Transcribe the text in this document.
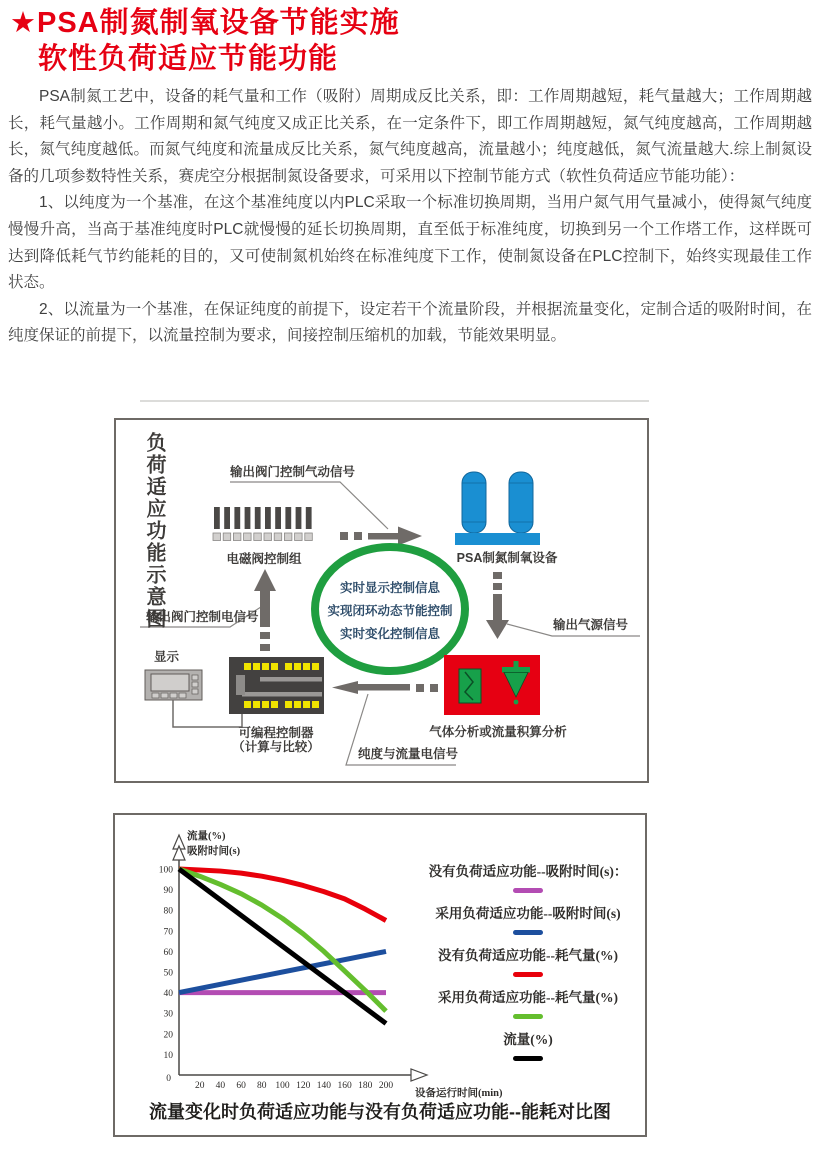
★PSA制氮制氧设备节能实施
软性负荷适应节能功能

PSA制氮工艺中，设备的耗气量和工作（吸附）周期成反比关系，即：工作周期越短，耗气量越大；工作周期越长，耗气量越小。工作周期和氮气纯度又成正比关系，在一定条件下，即工作周期越短，氮气纯度越高，工作周期越长，氮气纯度越低。而氮气纯度和流量成反比关系，氮气纯度越高，流量越小；纯度越低，氮气流量越大.综上制氮设备的几项参数特性关系，赛虎空分根据制氮设备要求，可采用以下控制节能方式（软性负荷适应节能功能）：

1、以纯度为一个基准，在这个基准纯度以内PLC采取一个标准切换周期，当用户氮气用气量减小，使得氮气纯度慢慢升高，当高于基准纯度时PLC就慢慢的延长切换周期，直至低于标准纯度，切换到另一个工作塔工作，这样既可达到降低耗气节约能耗的目的，又可使制氮机始终在标准纯度下工作，使制氮设备在PLC控制下，始终实现最佳工作状态。

2、以流量为一个基准，在保证纯度的前提下，设定若干个流量阶段，并根据流量变化，定制合适的吸附时间，在纯度保证的前提下，以流量控制为要求，间接控制压缩机的加载，节能效果明显。

负荷适应功能示意图	输出阀门控制气动信号
电磁阀控制组	PSA制氮制氧设备
输出阀门控制电信号
输出气源信号
显示
可编程控制器
（计算与比较）
气体分析或流量积算分析
纯度与流量电信号
实时显示控制信息
实现闭环动态节能控制
实时变化控制信息
流量(%)
吸附时间(s)
设备运行时间(min)
0
10
20
30
40
50
60
70
80
90
100
20 40 60 80 100 120 140 160 180 200
没有负荷适应功能--吸附时间(s)：
采用负荷适应功能--吸附时间(s)
没有负荷适应功能--耗气量(%)
采用负荷适应功能--耗气量(%)
流量(%)
流量变化时负荷适应功能与没有负荷适应功能--能耗对比图
